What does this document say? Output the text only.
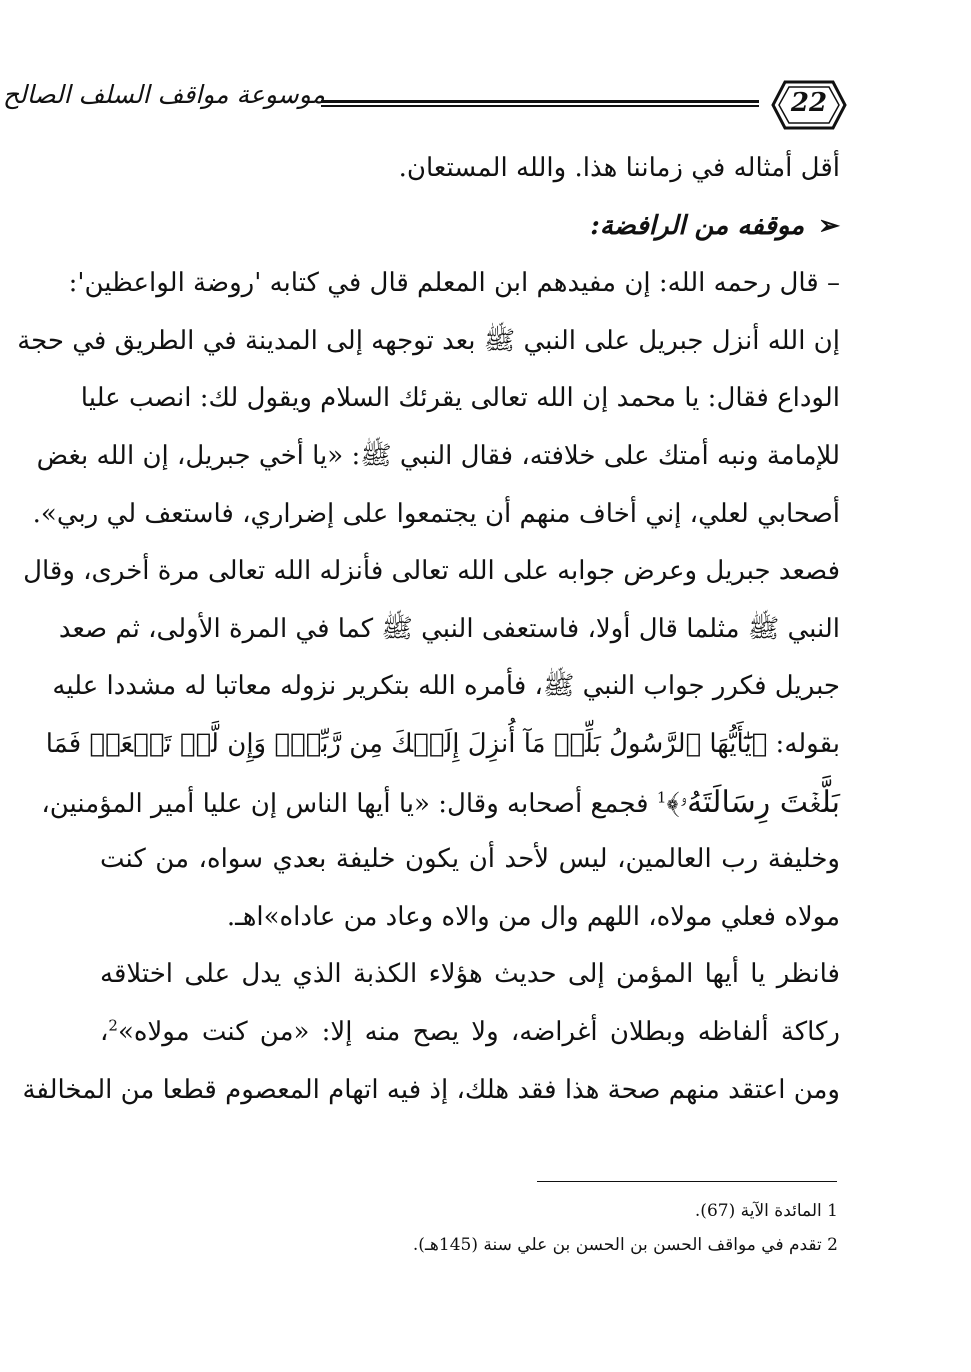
22
موسوعة مواقف السلف الصالح
أقل أمثاله في زماننا هذا. والله المستعان.
➢موقفه من الرافضة:
– قال رحمه الله: إن مفيدهم ابن المعلم قال في كتابه 'روضة الواعظين':
إن الله أنزل جبريل على النبي ﷺ بعد توجهه إلى المدينة في الطريق في حجة
الوداع فقال: يا محمد إن الله تعالى يقرئك السلام ويقول لك: انصب عليا
للإمامة ونبه أمتك على خلافته، فقال النبي ﷺ: «يا أخي جبريل، إن الله بغض
أصحابي لعلي، إني أخاف منهم أن يجتمعوا على إضراري، فاستعف لي ربي».
فصعد جبريل وعرض جوابه على الله تعالى فأنزله الله تعالى مرة أخرى، وقال
النبي ﷺ مثلما قال أولا، فاستعفى النبي ﷺ كما في المرة الأولى، ثم صعد
جبريل فكرر جواب النبي ﷺ، فأمره الله بتكرير نزوله معاتبا له مشددا عليه
بقوله: ﴿يَٰٓأَيُّهَا ٱلرَّسُولُ بَلِّغۡ مَآ أُنزِلَ إِلَيۡكَ مِن رَّبِّكَۖ وَإِن لَّمۡ تَفۡعَلۡ فَمَا
بَلَّغۡتَ رِسَالَتَهُۥ﴾$^1$ فجمع أصحابه وقال: «يا أيها الناس إن عليا أمير المؤمنين،
وخليفة رب العالمين، ليس لأحد أن يكون خليفة بعدي سواه، من كنت
مولاه فعلي مولاه، اللهم وال من والاه وعاد من عاداه»اهـ.
فانظر يا أيها المؤمن إلى حديث هؤلاء الكذبة الذي يدل على اختلاقه
ركاكة ألفاظه وبطلان أغراضه، ولا يصح منه إلا: «من كنت مولاه»$^2$،
ومن اعتقد منهم صحة هذا فقد هلك، إذ فيه اتهام المعصوم قطعا من المخالفة
1 المائدة الآية (67).
2 تقدم في مواقف الحسن بن الحسن بن علي سنة (145هـ).
